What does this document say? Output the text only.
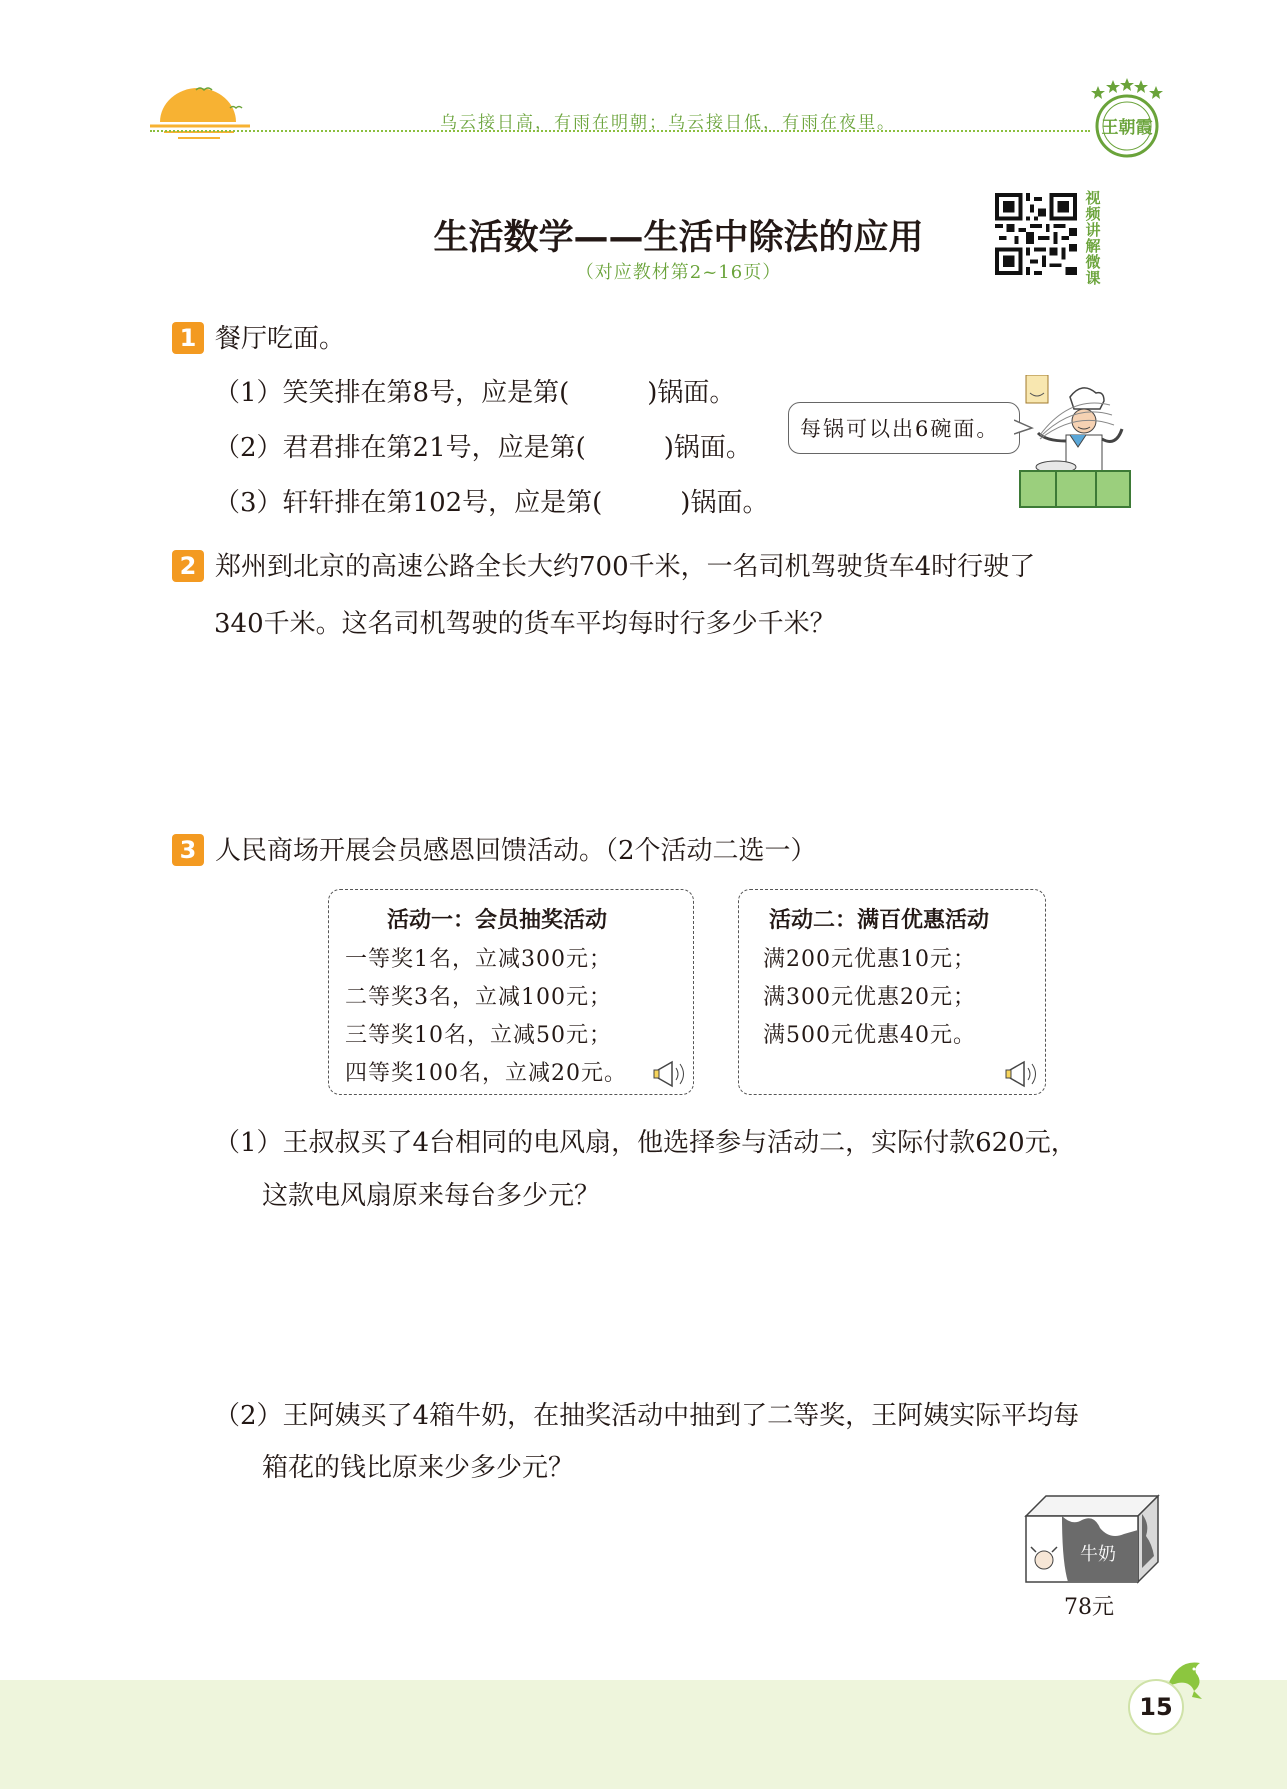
乌云接日高，有雨在明朝；乌云接日低，有雨在夜里。	王朝霞
生活数学——生活中除法的应用
（对应教材第2~16页）
视频讲解微课
1 餐厅吃面。
（1）笑笑排在第8号，应是第(　　　)锅面。
（2）君君排在第21号，应是第(　　　)锅面。
（3）轩轩排在第102号，应是第(　　　)锅面。
每锅可以出6碗面。
2 郑州到北京的高速公路全长大约700千米，一名司机驾驶货车4时行驶了
340千米。这名司机驾驶的货车平均每时行多少千米？
3 人民商场开展会员感恩回馈活动。（2个活动二选一）
活动一：会员抽奖活动
一等奖1名，立减300元；
二等奖3名，立减100元；
三等奖10名，立减50元；
四等奖100名，立减20元。
活动二：满百优惠活动
满200元优惠10元；
满300元优惠20元；
满500元优惠40元。
（1）王叔叔买了4台相同的电风扇，他选择参与活动二，实际付款620元，
这款电风扇原来每台多少元？
（2）王阿姨买了4箱牛奶，在抽奖活动中抽到了二等奖，王阿姨实际平均每
箱花的钱比原来少多少元？
牛奶
78元
15
